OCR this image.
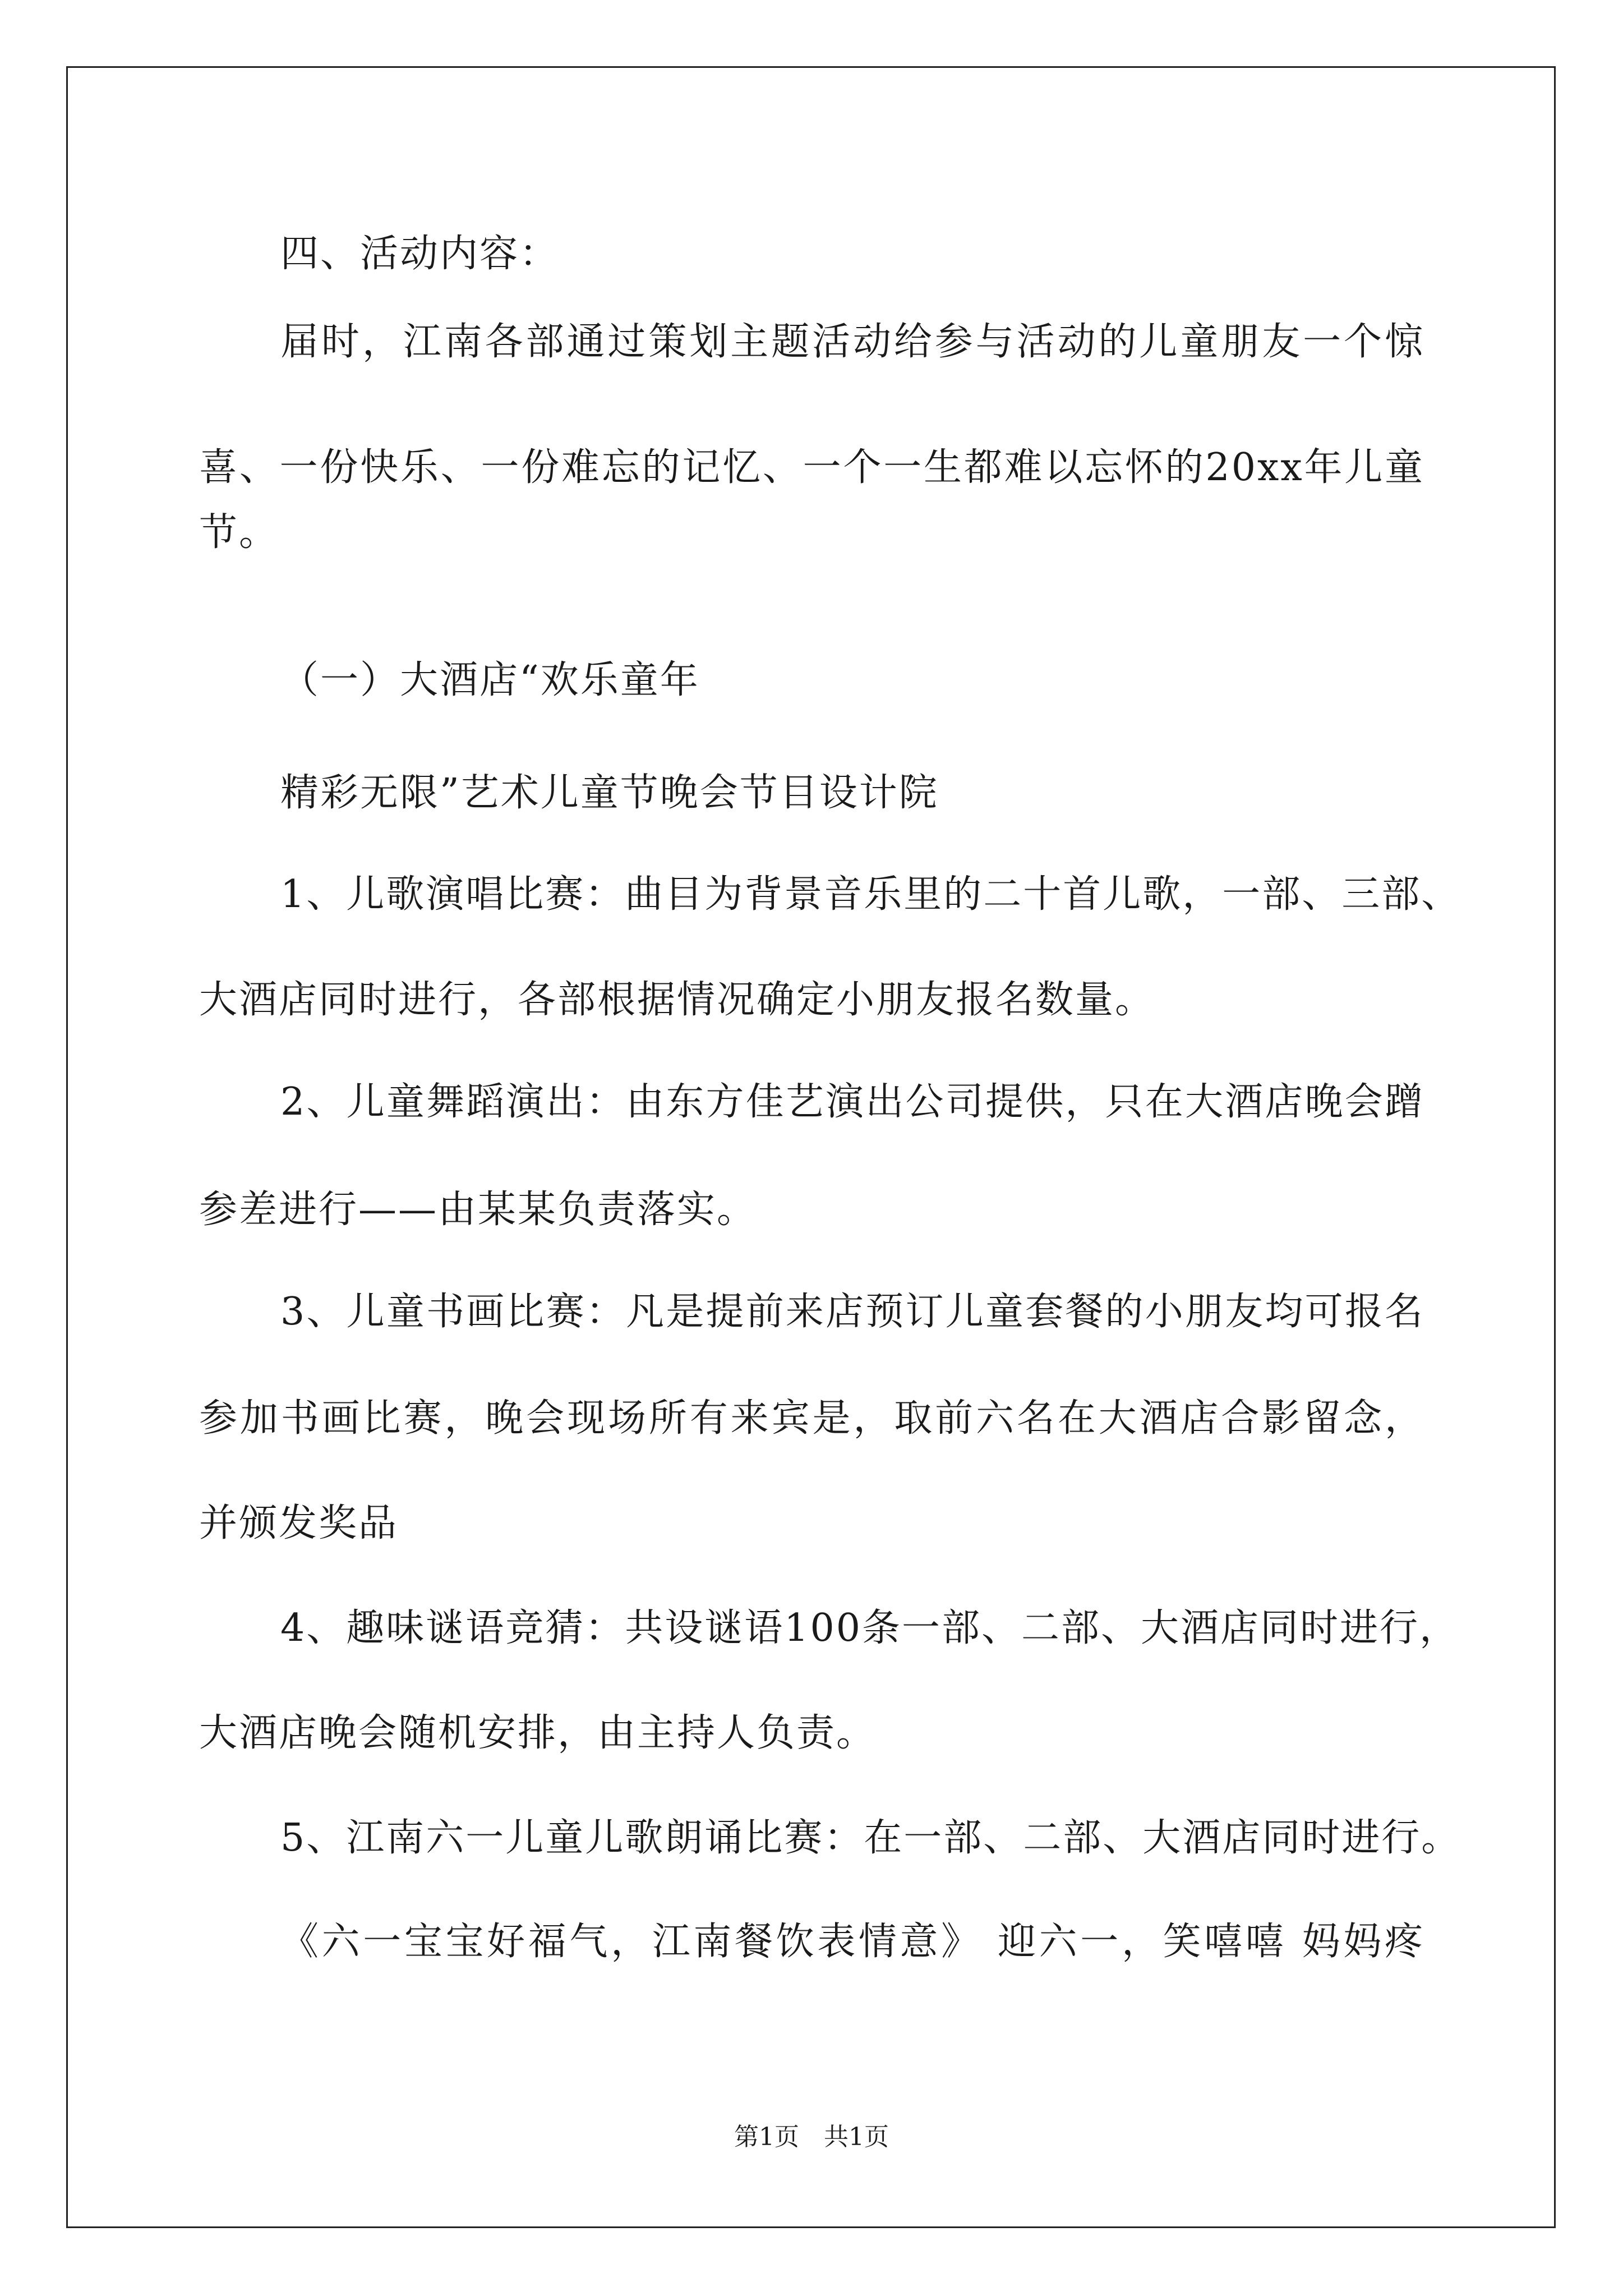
四、活动内容：
届时，江南各部通过策划主题活动给参与活动的儿童朋友一个惊
喜、一份快乐、一份难忘的记忆、一个一生都难以忘怀的20xx年儿童
节。
（一）大酒店“欢乐童年
精彩无限”艺术儿童节晚会节目设计院
1、儿歌演唱比赛：曲目为背景音乐里的二十首儿歌，一部、三部、
大酒店同时进行，各部根据情况确定小朋友报名数量。
2、儿童舞蹈演出：由东方佳艺演出公司提供，只在大酒店晚会蹭
参差进行——由某某负责落实。
3、儿童书画比赛：凡是提前来店预订儿童套餐的小朋友均可报名
参加书画比赛，晚会现场所有来宾是，取前六名在大酒店合影留念，
并颁发奖品
4、趣味谜语竞猜：共设谜语100条一部、二部、大酒店同时进行，
大酒店晚会随机安排，由主持人负责。
5、江南六一儿童儿歌朗诵比赛：在一部、二部、大酒店同时进行。
《六一宝宝好福气，江南餐饮表情意》 迎六一，笑嘻嘻 妈妈疼
第1页　共1页
